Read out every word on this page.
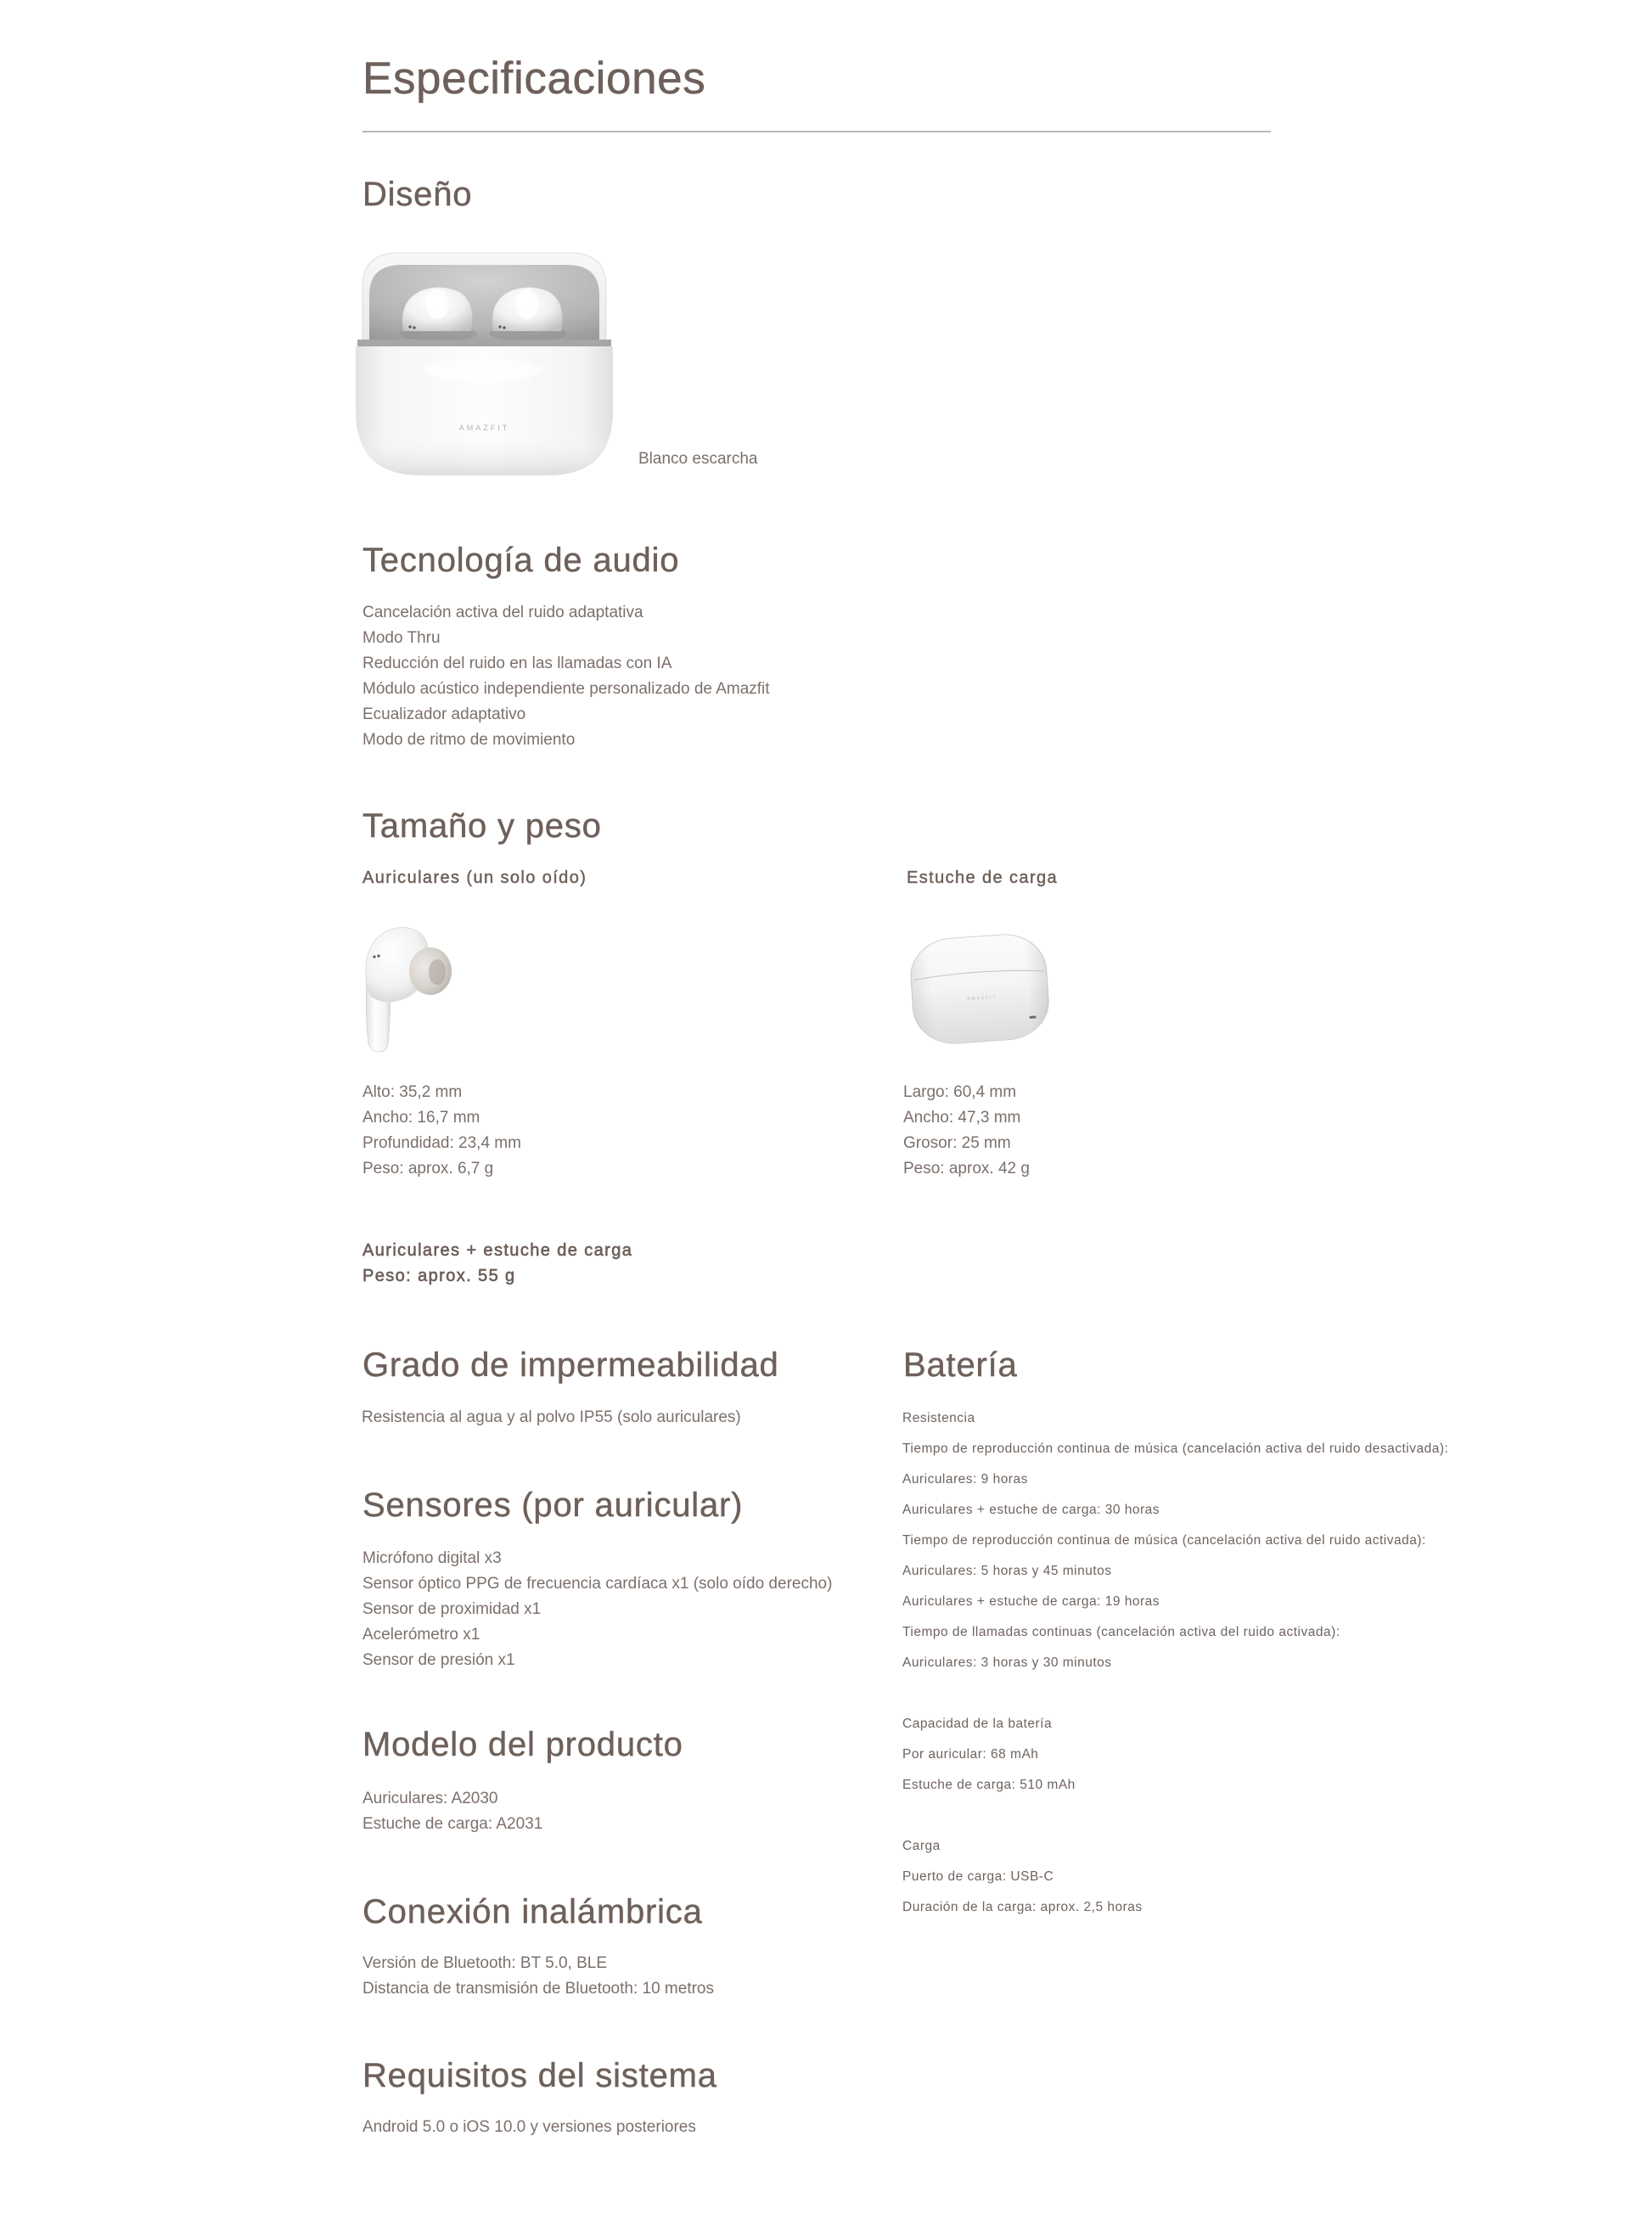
Especificaciones
Diseño
AMAZFIT
Blanco escarcha
Tecnología de audio
Cancelación activa del ruido adaptativa
Modo Thru
Reducción del ruido en las llamadas con IA
Módulo acústico independiente personalizado de Amazfit
Ecualizador adaptativo
Modo de ritmo de movimiento
Tamaño y peso
Auriculares (un solo oído)	Estuche de carga
AMAZFIT
Alto: 35,2 mm
Ancho: 16,7 mm
Profundidad: 23,4 mm
Peso: aprox. 6,7 g
Largo: 60,4 mm
Ancho: 47,3 mm
Grosor: 25 mm
Peso: aprox. 42 g
Auriculares + estuche de carga
Peso: aprox. 55 g
Grado de impermeabilidad
Resistencia al agua y al polvo IP55 (solo auriculares)
Batería
Resistencia
Tiempo de reproducción continua de música (cancelación activa del ruido desactivada):
Auriculares: 9 horas
Auriculares + estuche de carga: 30 horas
Tiempo de reproducción continua de música (cancelación activa del ruido activada):
Auriculares: 5 horas y 45 minutos
Auriculares + estuche de carga: 19 horas
Tiempo de llamadas continuas (cancelación activa del ruido activada):
Auriculares: 3 horas y 30 minutos
Capacidad de la batería
Por auricular: 68 mAh
Estuche de carga: 510 mAh
Carga
Puerto de carga: USB-C
Duración de la carga: aprox. 2,5 horas
Sensores (por auricular)
Micrófono digital x3
Sensor óptico PPG de frecuencia cardíaca x1 (solo oído derecho)
Sensor de proximidad x1
Acelerómetro x1
Sensor de presión x1
Modelo del producto
Auriculares: A2030
Estuche de carga: A2031
Conexión inalámbrica
Versión de Bluetooth: BT 5.0, BLE
Distancia de transmisión de Bluetooth: 10 metros
Requisitos del sistema
Android 5.0 o iOS 10.0 y versiones posteriores
